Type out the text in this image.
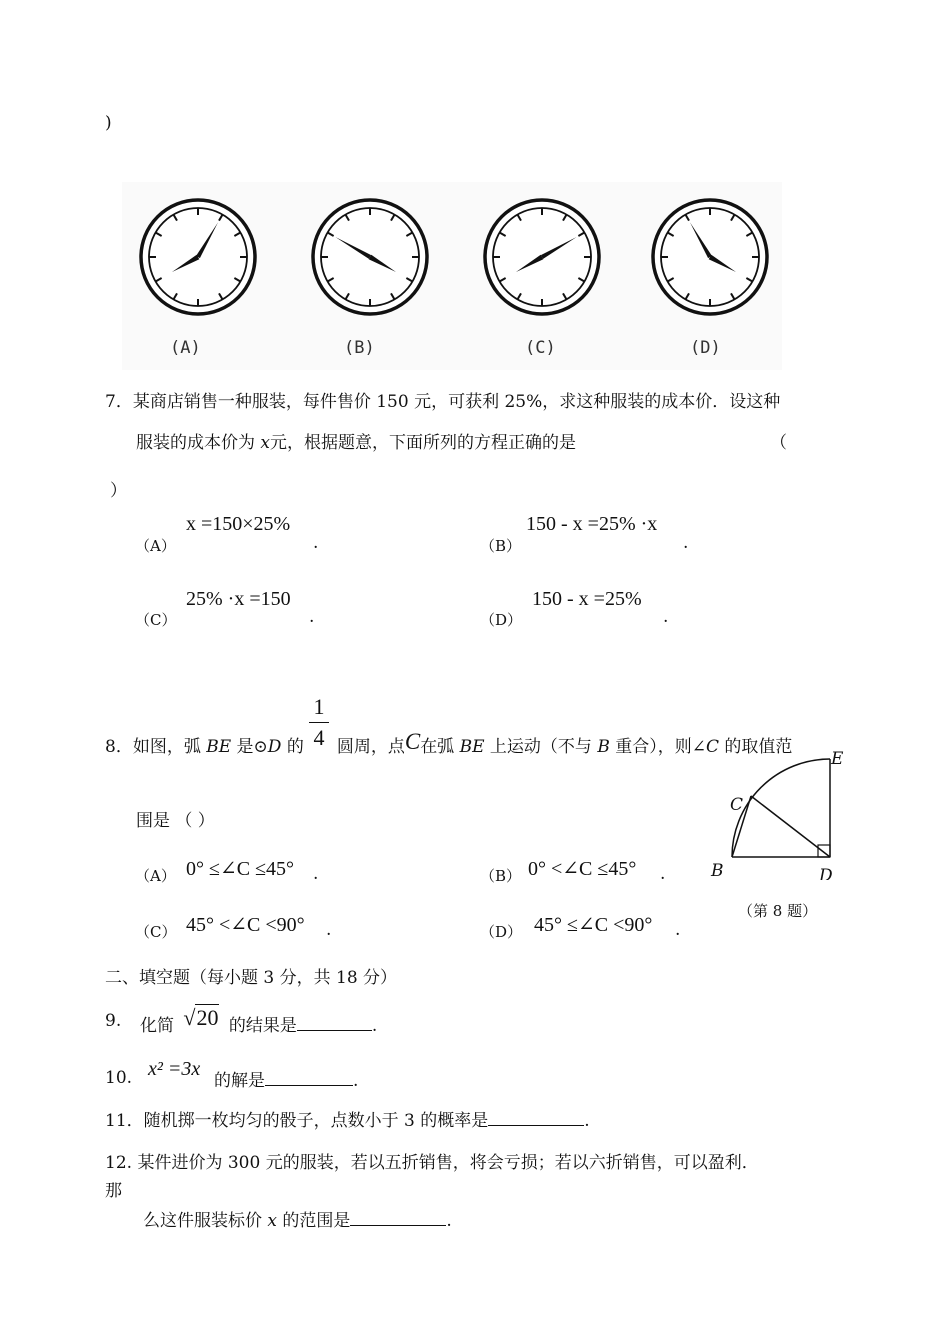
)
(A)	(B)	(C)	(D)
7．某商店销售一种服装，每件售价 150 元，可获利 25%，求这种服装的成本价．设这种
服装的成本价为 x元，根据题意，下面所列的方程正确的是	（
）
（A）
x =150×25%
.	（B）
150 - x =25% ·x
.
（C）
25% ·x =150
.	（D）
150 - x =25%
.
1
4
8．如图，弧 BE 是⊙D 的 圆周，点C在弧 BE 上运动（不与 B 重合），则∠C 的取值范
围是 （ ）
（A） 0° ≤∠C ≤45° .	（B） 0° <∠C ≤45° .
（C） 45° <∠C <90° .	（D） 45° ≤∠C <90° .
E
C
B	D
（第 8 题）
二、填空题（每小题 3 分，共 18 分）
9. 化简 √20 的结果是	.
10. x² =3x
的解是	.
11．随机掷一枚均匀的骰子，点数小于 3 的概率是	.
12. 某件进价为 300 元的服装，若以五折销售，将会亏损；若以六折销售，可以盈利．
那
么这件服装标价 x 的范围是	.
